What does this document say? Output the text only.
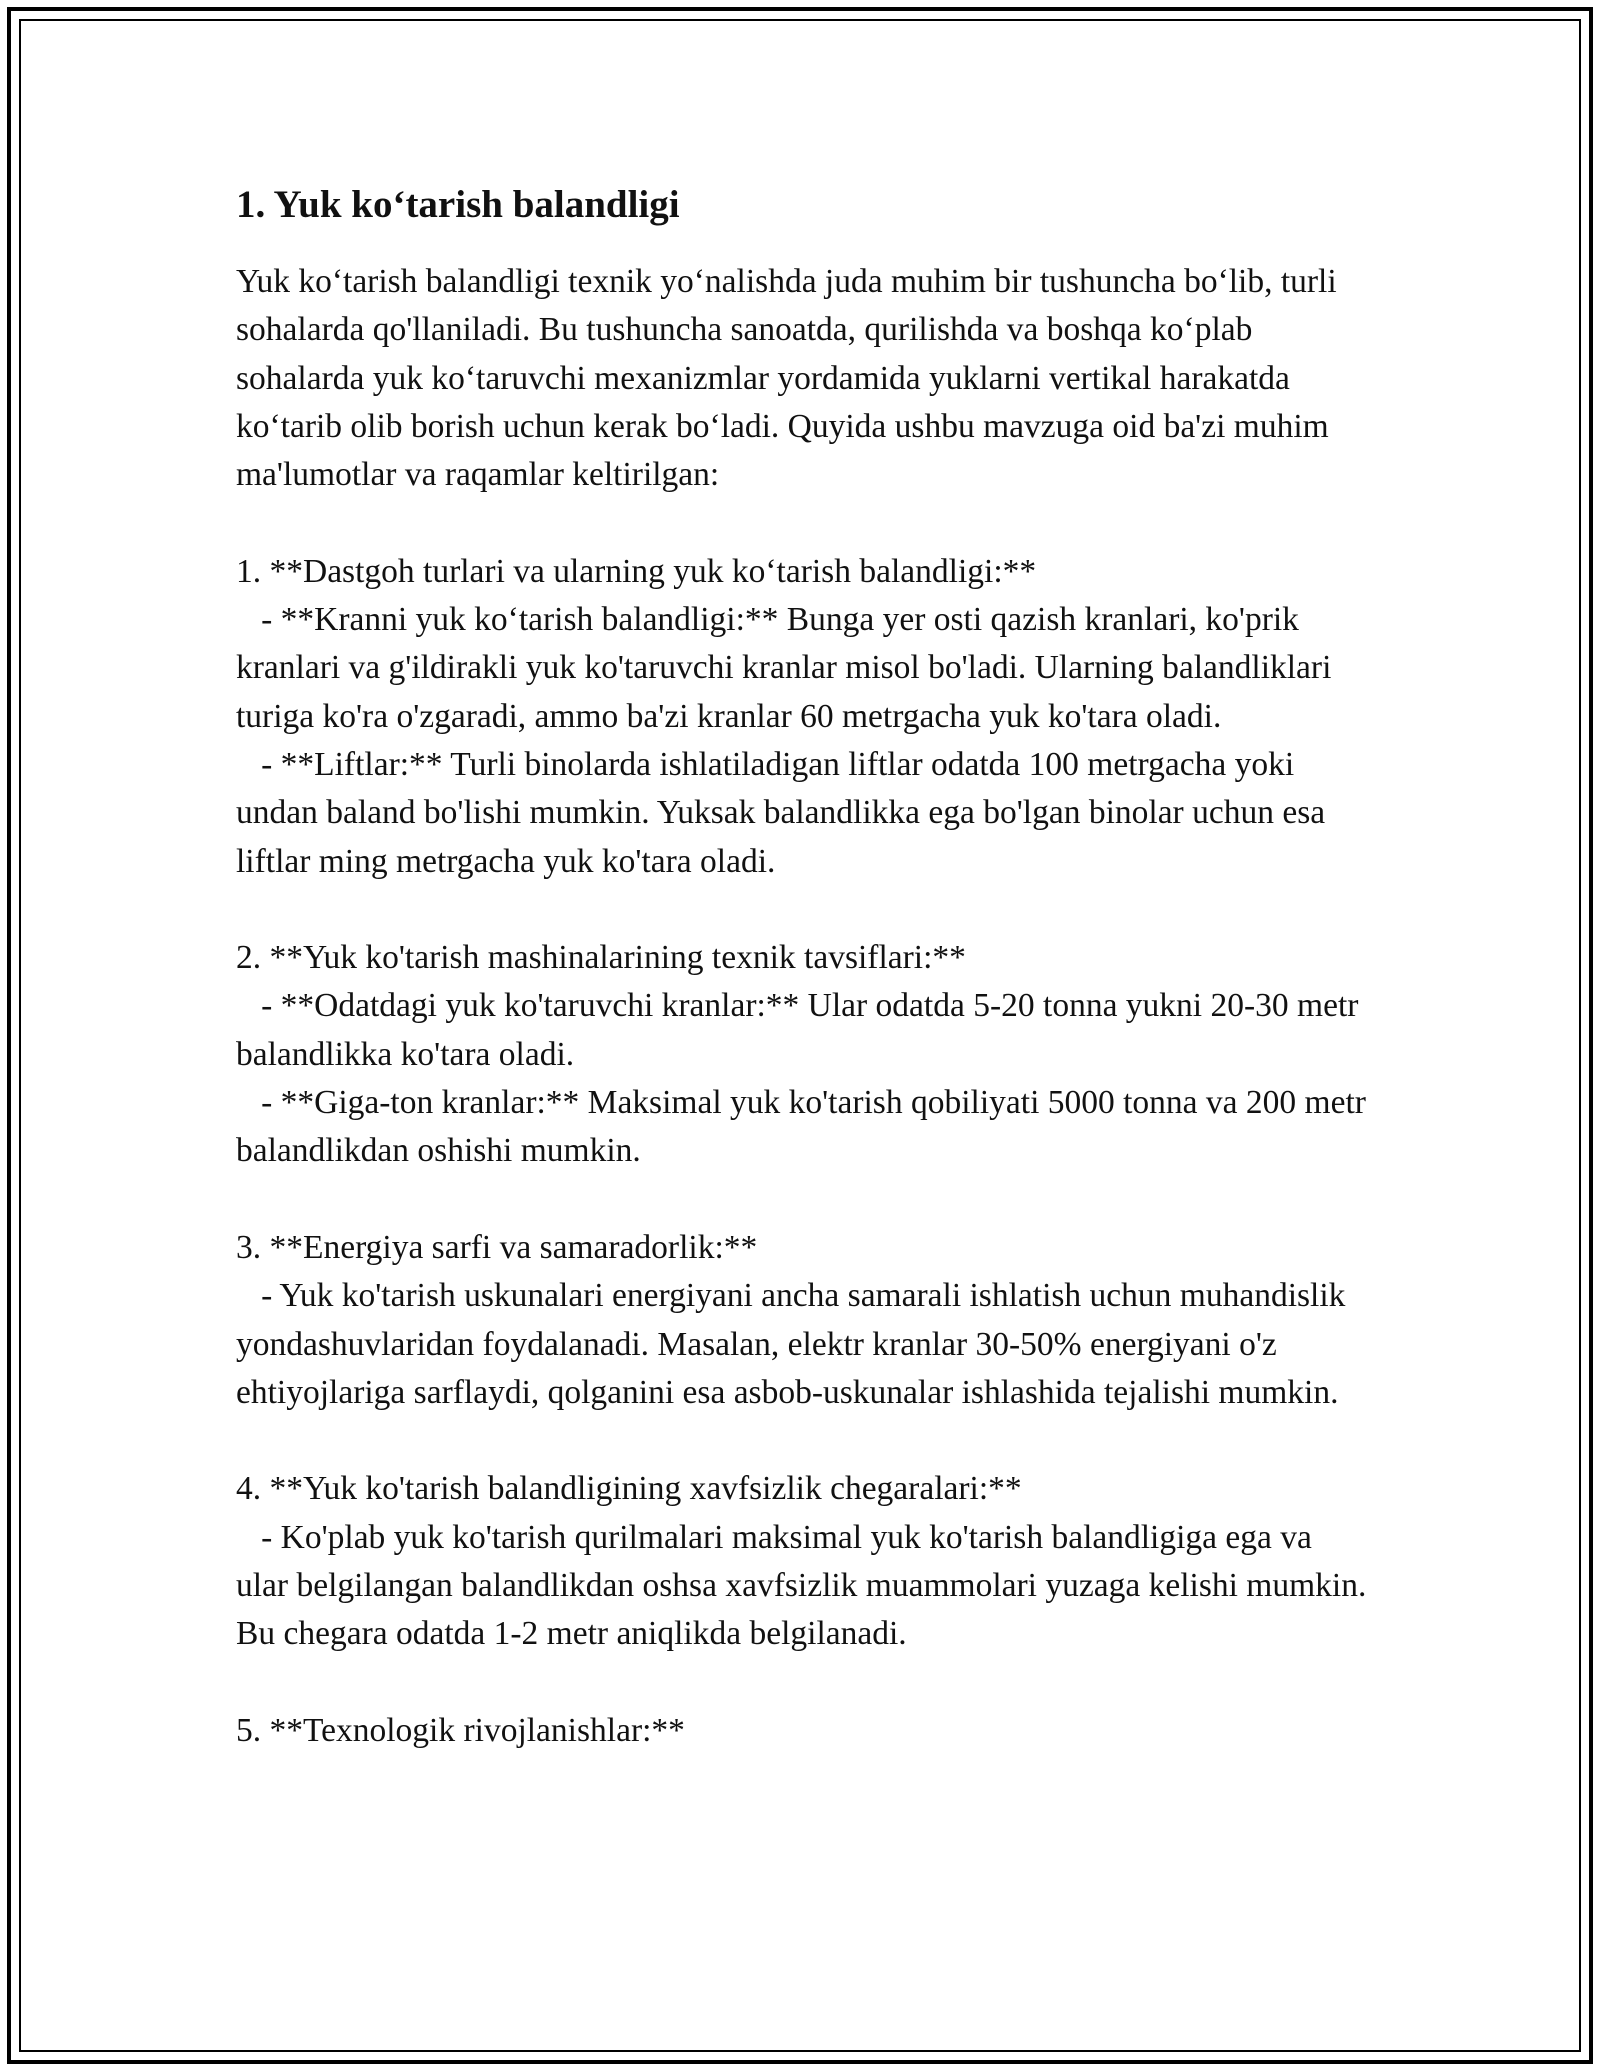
1. Yuk ko‘tarish balandligi

Yuk ko‘tarish balandligi texnik yo‘nalishda juda muhim bir tushuncha bo‘lib, turli sohalarda qo'llaniladi. Bu tushuncha sanoatda, qurilishda va boshqa ko‘plab sohalarda yuk ko‘taruvchi mexanizmlar yordamida yuklarni vertikal harakatda ko‘tarib olib borish uchun kerak bo‘ladi. Quyida ushbu mavzuga oid ba'zi muhim ma'lumotlar va raqamlar keltirilgan:

1. **Dastgoh turlari va ularning yuk ko‘tarish balandligi:**
- **Kranni yuk ko‘tarish balandligi:** Bunga yer osti qazish kranlari, ko'prik kranlari va g'ildirakli yuk ko'taruvchi kranlar misol bo'ladi. Ularning balandliklari turiga ko'ra o'zgaradi, ammo ba'zi kranlar 60 metrgacha yuk ko'tara oladi.
- **Liftlar:** Turli binolarda ishlatiladigan liftlar odatda 100 metrgacha yoki undan baland bo'lishi mumkin. Yuksak balandlikka ega bo'lgan binolar uchun esa liftlar ming metrgacha yuk ko'tara oladi.

2. **Yuk ko'tarish mashinalarining texnik tavsiflari:**
- **Odatdagi yuk ko'taruvchi kranlar:** Ular odatda 5-20 tonna yukni 20-30 metr balandlikka ko'tara oladi.
- **Giga-ton kranlar:** Maksimal yuk ko'tarish qobiliyati 5000 tonna va 200 metr balandlikdan oshishi mumkin.

3. **Energiya sarfi va samaradorlik:**
- Yuk ko'tarish uskunalari energiyani ancha samarali ishlatish uchun muhandislik yondashuvlaridan foydalanadi. Masalan, elektr kranlar 30-50% energiyani o'z ehtiyojlariga sarflaydi, qolganini esa asbob-uskunalar ishlashida tejalishi mumkin.

4. **Yuk ko'tarish balandligining xavfsizlik chegaralari:**
- Ko'plab yuk ko'tarish qurilmalari maksimal yuk ko'tarish balandligiga ega va ular belgilangan balandlikdan oshsa xavfsizlik muammolari yuzaga kelishi mumkin. Bu chegara odatda 1-2 metr aniqlikda belgilanadi.

5. **Texnologik rivojlanishlar:**
